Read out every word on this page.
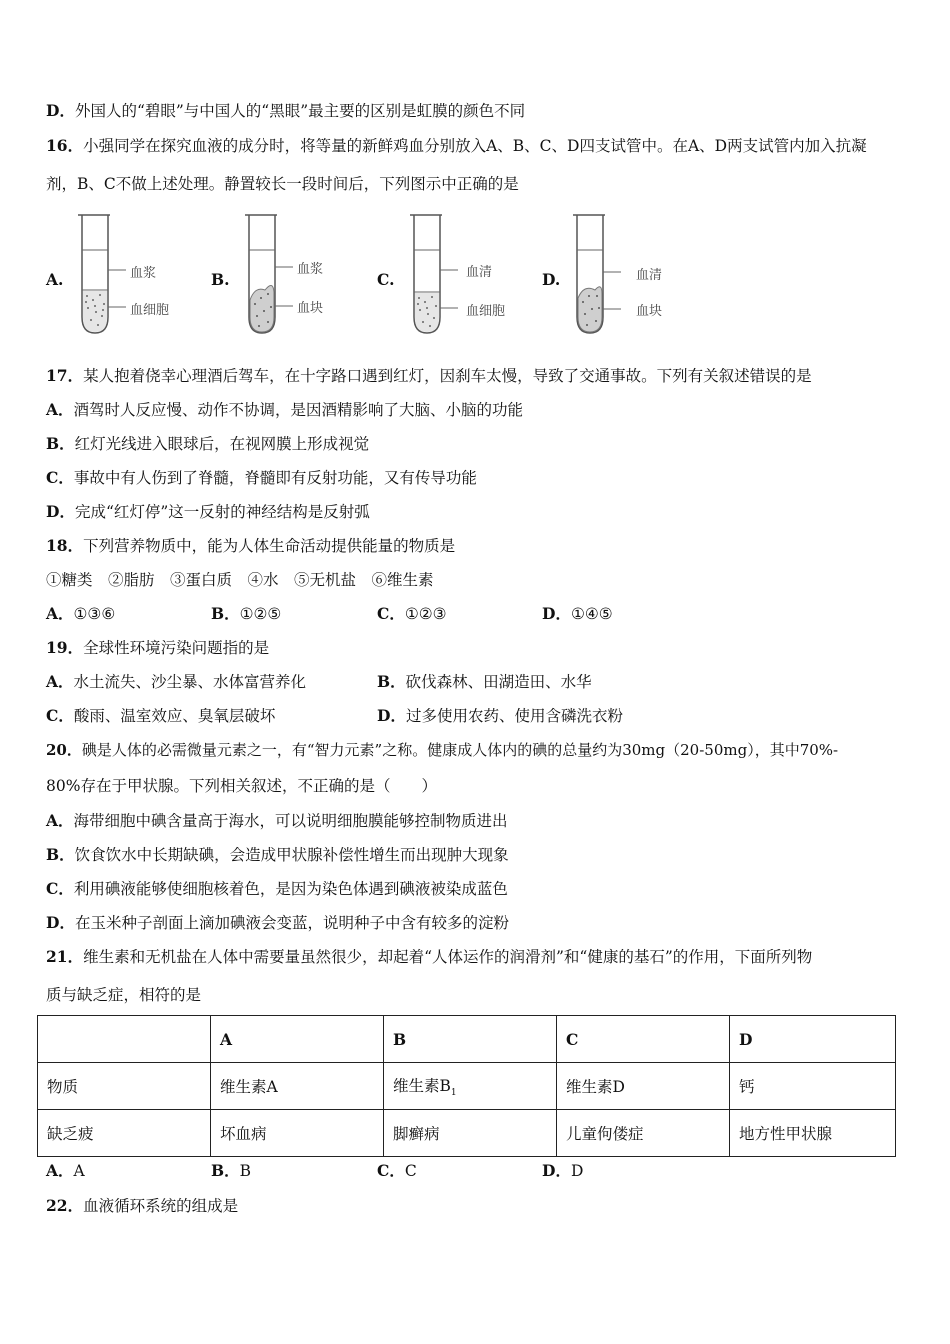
D．外国人的“碧眼”与中国人的“黑眼”最主要的区别是虹膜的颜色不同
16．小强同学在探究血液的成分时，将等量的新鲜鸡血分别放入A、B、C、D四支试管中。在A、D两支试管内加入抗凝
剂，B、C不做上述处理。静置较长一段时间后，下列图示中正确的是
A.	血浆
血细胞
B.
血浆
血块
C.	血清
血细胞
D.	血清
血块
17．某人抱着侥幸心理酒后驾车，在十字路口遇到红灯，因刹车太慢，导致了交通事故。下列有关叙述错误的是
A．酒驾时人反应慢、动作不协调，是因酒精影响了大脑、小脑的功能
B．红灯光线进入眼球后，在视网膜上形成视觉
C．事故中有人伤到了脊髓，脊髓即有反射功能，又有传导功能
D．完成“红灯停”这一反射的神经结构是反射弧
18．下列营养物质中，能为人体生命活动提供能量的物质是
①糖类　②脂肪　③蛋白质　④水　⑤无机盐　⑥维生素
A．①③⑥	B．①②⑤	C．①②③	D．①④⑤
19．全球性环境污染问题指的是
A．水土流失、沙尘暴、水体富营养化	B．砍伐森林、田湖造田、水华
C．酸雨、温室效应、臭氧层破坏	D．过多使用农药、使用含磷洗衣粉
20．碘是人体的必需微量元素之一，有“智力元素”之称。健康成人体内的碘的总量约为30mg（20-50mg），其中70%-
80%存在于甲状腺。下列相关叙述，不正确的是（　　）
A．海带细胞中碘含量高于海水，可以说明细胞膜能够控制物质进出
B．饮食饮水中长期缺碘，会造成甲状腺补偿性增生而出现肿大现象
C．利用碘液能够使细胞核着色，是因为染色体遇到碘液被染成蓝色
D．在玉米种子剖面上滴加碘液会变蓝，说明种子中含有较多的淀粉
21．维生素和无机盐在人体中需要量虽然很少，却起着“人体运作的润滑剂”和“健康的基石”的作用，下面所列物
质与缺乏症，相符的是
	A	B	C	D
物质	维生素A	维生素$B_1$	维生素D	钙
缺乏疲	坏血病	脚癣病	儿童佝偻症	地方性甲状腺
A．A	B．B	C．C	D．D
22．血液循环系统的组成是
